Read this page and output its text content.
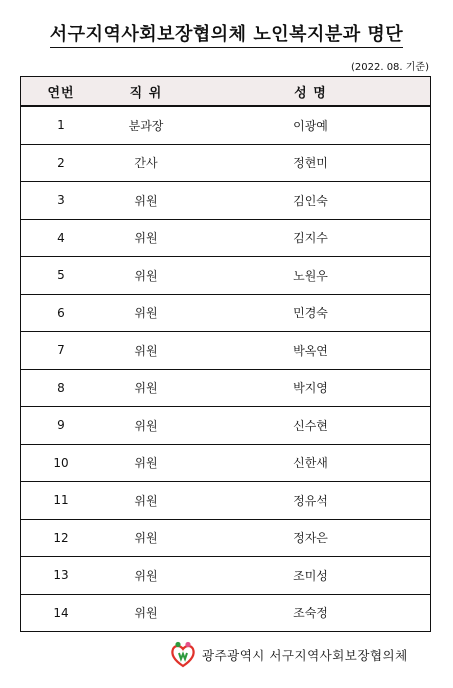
서구지역사회보장협의체 노인복지분과 명단
(2022. 08. 기준)
연번	직 위	성 명
1	분과장	이광예
2	간사	정현미
3	위원	김인숙
4	위원	김지수
5	위원	노원우
6	위원	민경숙
7	위원	박옥연
8	위원	박지영
9	위원	신수현
10	위원	신한새
11	위원	정유석
12	위원	정자은
13	위원	조미성
14	위원	조숙정
광주광역시 서구지역사회보장협의체
